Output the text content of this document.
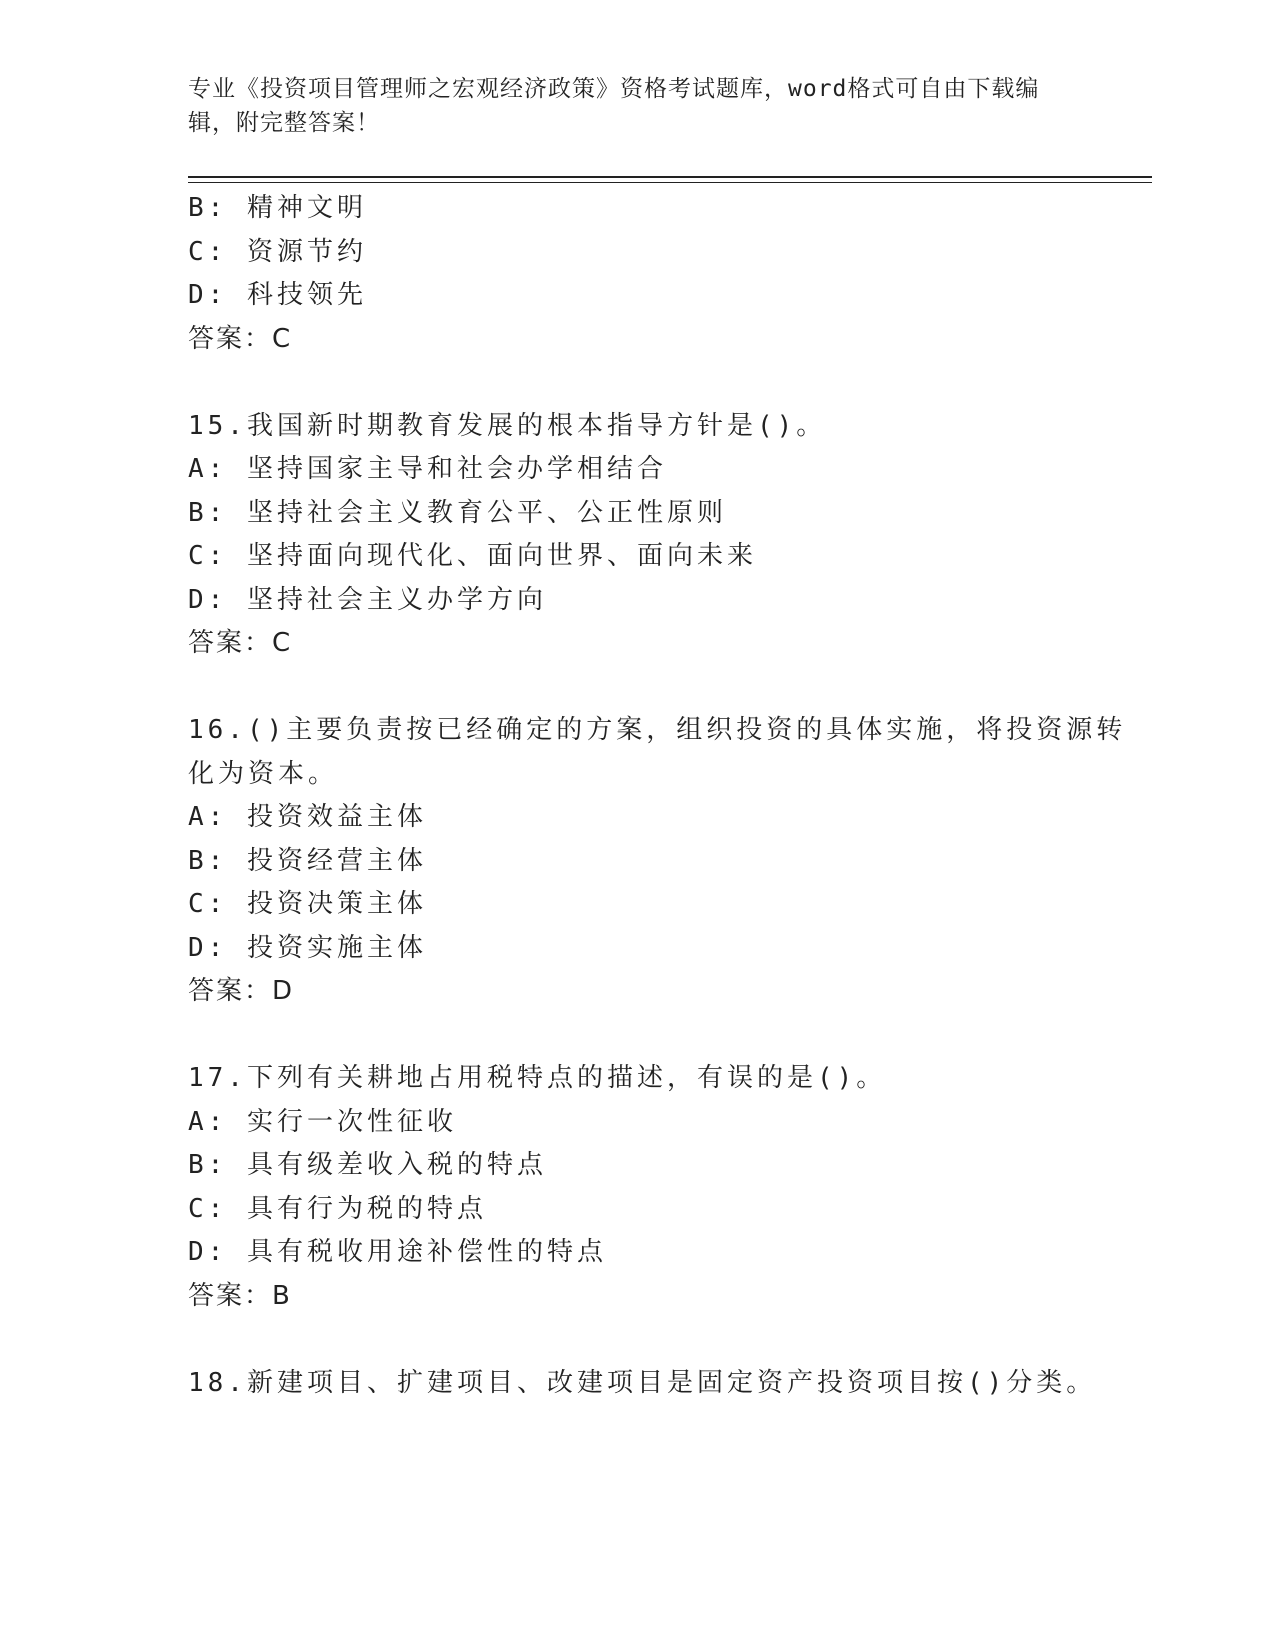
专业《投资项目管理师之宏观经济政策》资格考试题库，word格式可自由下载编
辑，附完整答案！
B: 精神文明
C: 资源节约
D: 科技领先
答案：C
15.我国新时期教育发展的根本指导方针是()。
A: 坚持国家主导和社会办学相结合
B: 坚持社会主义教育公平、公正性原则
C: 坚持面向现代化、面向世界、面向未来
D: 坚持社会主义办学方向
答案：C
16.()主要负责按已经确定的方案，组织投资的具体实施，将投资源转
化为资本。
A: 投资效益主体
B: 投资经营主体
C: 投资决策主体
D: 投资实施主体
答案：D
17.下列有关耕地占用税特点的描述，有误的是()。
A: 实行一次性征收
B: 具有级差收入税的特点
C: 具有行为税的特点
D: 具有税收用途补偿性的特点
答案：B
18.新建项目、扩建项目、改建项目是固定资产投资项目按()分类。
